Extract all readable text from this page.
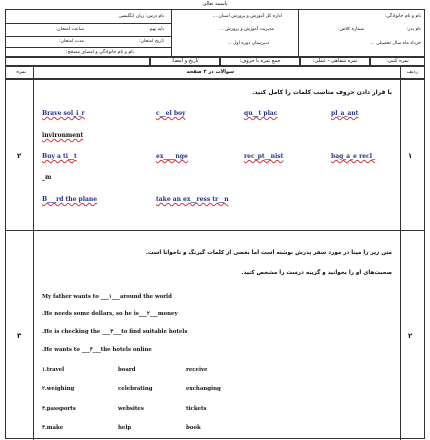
باسمه تعالی
نام و نام خانوادگی:
نام پدر:
شماره کلاس:
خرداد ماه سال تحصیلی ...
اداره کل آموزش و پرورش استان ...
مدیریت آموزش و پرورش ...
دبیرستان دوره اول ...
نام درس: زبان انگلیسی
پایه نهم
ساعت امتحان:
تاریخ امتحان:
مدت امتحان:
نام و نام خانوادگی و امضای مصحح:
نمره کتبی:
نمره شفاهی - عملی:
جمع نمره با حروف:
تاریخ و امضا:
ردیف
سوالات در ۲ صفحه
نمره
۱
۲
با قرار دادن حروف مناسب کلمات را کامل کنید.
Brave sol_i_r	c__el boy	qu__t plac	pl_a_ant
invironment
Buy a ti__t	ex____nge	rec_pt__nist	bag_a_e recl_
_m
B___rd the plane	take an ex__ress tr__n
۲
۳
متن زیر را مینا در مورد سفر پدرش نوشته است اما بعضی از کلمات گیرنگ و ناخوانا است.
صحبت‌های او را بخوانید و گزینه درست را مشخص کنید.
My father wants to ___۱___around the world
.He needs some dollars, so he is___۲___money
.He is checking the ___۳___to find suitable hotels
.He wants to ___۴___the hotels online
۱.travel	board	receive
۲.weighing	celebrating	exchanging
۳.passports	websites	tickets
۴.make	help	book
